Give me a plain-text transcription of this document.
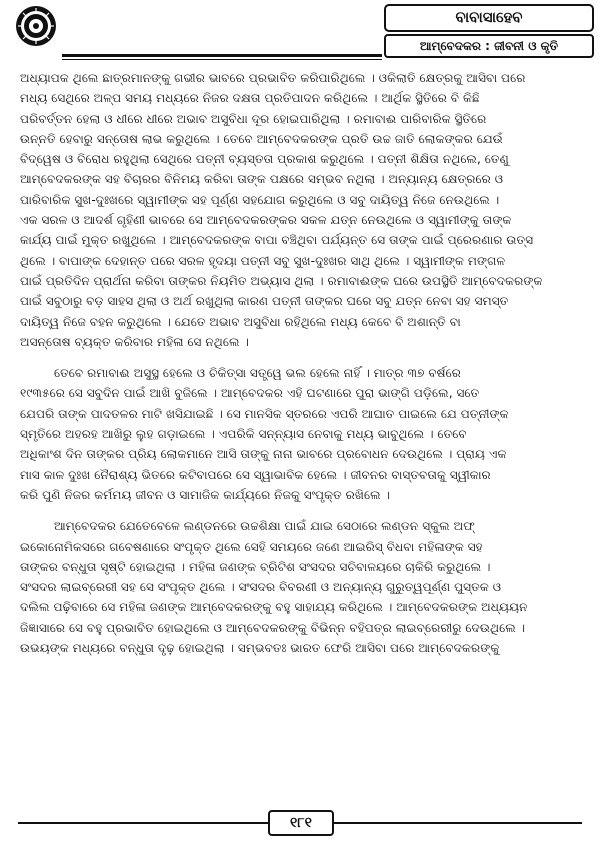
ବାବାସାହେବ
ଆମ୍ବେଦକର : ଜୀବନୀ ଓ କୃତି

ଅଧ୍ୟାପକ ଥିଲେ ଛାତ୍ରମାନଙ୍କୁ ଗଭୀର ଭାବରେ ପ୍ରଭାବିତ କରିପାରିଥିଲେ । ଓକିଲାତି କ୍ଷେତ୍ରକୁ ଆସିବା ପରେ
ମଧ୍ୟ ସେଥିରେ ଅଳ୍ପ ସମୟ ମଧ୍ୟରେ ନିଜର ଦକ୍ଷତା ପ୍ରତିପାଦନ କରିଥିଲେ । ଆର୍ଥିକ ସ୍ଥିତିରେ ବି କିଛି
ପରିବର୍ତ୍ତନ ହେଲା ଓ ଧୀରେ ଧୀରେ ଅଭାବ ଅସୁବିଧା ଦୂର ହୋଇପାରିଥିଲା । ରମାବାଈ ପାରିବାରିକ ସ୍ଥିତିରେ
ଉନ୍ନତି ହେବାରୁ ସନ୍ତୋଷ ଲାଭ କରୁଥିଲେ । ତେବେ ଆମ୍ବେଦକରଙ୍କ ପ୍ରତି ଉଚ୍ଚ ଜାତି ଲୋକଙ୍କର ଯେଉଁ
ବିଦ୍ୱେଷ ଓ ବିରୋଧ ରହୁଥିଲା ସେଥିରେ ପତ୍ନୀ ବ୍ୟସ୍ତତା ପ୍ରକାଶ କରୁଥିଲେ । ପତ୍ନୀ ଶିକ୍ଷିତା ନଥିଲେ, ତେଣୁ
ଆମ୍ବେଦକରଙ୍କ ସହ ବିଚାରର ବିନିମୟ କରିବା ତାଙ୍କ ପକ୍ଷରେ ସମ୍ଭବ ନଥିଲା । ଅନ୍ୟାନ୍ୟ କ୍ଷେତ୍ରରେ ଓ
ପାରିବାରିକ ସୁଖ-ଦୁଃଖରେ ସ୍ୱାମୀଙ୍କ ସହ ପୂର୍ଣ୍ଣ ସହଯୋଗ କରୁଥିଲେ ଓ ସବୁ ଦାୟିତ୍ୱ ନିଜେ ନେଉଥିଲେ ।
ଏକ ସରଳ ଓ ଆଦର୍ଶ ଗୃହିଣୀ ଭାବରେ ସେ ଆମ୍ବେଦକରଙ୍କର ସକଳ ଯତ୍ନ ନେଉଥିଲେ ଓ ସ୍ୱାମୀଙ୍କୁ ତାଙ୍କ
କାର୍ଯ୍ୟ ପାଇଁ ମୁକ୍ତ ରଖୁଥିଲେ । ଆମ୍ବେଦକରଙ୍କ ବାପା ବଞ୍ଚିଥିବା ପର୍ଯ୍ୟନ୍ତ ସେ ତାଙ୍କ ପାଇଁ ପ୍ରେରଣାର ଉତ୍ସ
ଥିଲେ । ବାପାଙ୍କ ଦେହାନ୍ତ ପରେ ସରଳ ହୃଦୟା ପତ୍ନୀ ସବୁ ସୁଖ-ଦୁଃଖର ସାଥି ଥିଲେ । ସ୍ୱାମୀଙ୍କ ମଙ୍ଗଳ
ପାଇଁ ପ୍ରତିଦିନ ପ୍ରାର୍ଥନା କରିବା ତାଙ୍କର ନିୟମିତ ଅଭ୍ୟାସ ଥିଲା । ରମାବାଈଙ୍କ ଘରେ ଉପସ୍ଥିତି ଆମ୍ବେଦକରଙ୍କ
ପାଇଁ ସବୁଠାରୁ ବଡ଼ ସାହସ ଥିଲା ଓ ଅର୍ଥ ରଖୁଥିଲା କାରଣ ପତ୍ନୀ ତାଙ୍କର ଘରେ ସବୁ ଯତ୍ନ ନେବା ସହ ସମସ୍ତ
ଦାୟିତ୍ୱ ନିଜେ ବହନ କରୁଥିଲେ । ଯେତେ ଅଭାବ ଅସୁବିଧା ରହିଥିଲେ ମଧ୍ୟ କେବେ ବି ଅଶାନ୍ତି ବା
ଅସନ୍ତୋଷ ବ୍ୟକ୍ତ କରିବାର ମହିଳା ସେ ନଥିଲେ ।

ତେବେ ରମାବାଈ ଅସୁସ୍ଥ ହେଲେ ଓ ଚିକିତ୍ସା ସତ୍ତ୍ୱେ ଭଲ ହେଲେ ନାହିଁ । ମାତ୍ର ୩୭ ବର୍ଷରେ
୧୯୩୫ରେ ସେ ସବୁଦିନ ପାଇଁ ଆଖି ବୁଜିଲେ । ଆମ୍ବେଦକର ଏହି ଘଟଣାରେ ପୁରା ଭାଙ୍ଗି ପଡ଼ିଲେ, ସତେ
ଯେପରି ତାଙ୍କ ପାଦତଳର ମାଟି ଖସିଯାଇଛି । ସେ ମାନସିକ ସ୍ତରରେ ଏପରି ଆଘାତ ପାଇଲେ ଯେ ପତ୍ନୀଙ୍କ
ସ୍ମୃତିରେ ଅହରହ ଆଖିରୁ ଲୁହ ଗଡ଼ାଇଲେ । ଏପରିକି ସନ୍ନ୍ୟାସ ନେବାକୁ ମଧ୍ୟ ଭାବୁଥିଲେ । ତେବେ
ଅଧିକାଂଶ ଦିନ ତାଙ୍କର ପ୍ରିୟ ଲୋକମାନେ ଆସି ତାଙ୍କୁ ନାନା ଭାବରେ ପ୍ରବୋଧନ ଦେଉଥିଲେ । ପ୍ରାୟ ଏକ
ମାସ କାଳ ଦୁଃଖ ନୈରାଶ୍ୟ ଭିତରେ କଟିବାପରେ ସେ ସ୍ୱାଭାବିକ ହେଲେ । ଜୀବନର ବାସ୍ତବତାକୁ ସ୍ୱୀକାର
କରି ପୁଣି ନିଜର କର୍ମମୟ ଜୀବନ ଓ ସାମାଜିକ କାର୍ଯ୍ୟରେ ନିଜକୁ ସଂପୃକ୍ତ ରଖିଲେ ।

ଆମ୍ବେଦକର ଯେତେବେଳେ ଲଣ୍ଡନରେ ଉଚ୍ଚଶିକ୍ଷା ପାଇଁ ଯାଇ ସେଠାରେ ଲଣ୍ଡନ ସ୍କୁଲ ଅଫ୍
ଇକୋନୋମିକସରେ ଗବେଷଣାରେ ସଂପୃକ୍ତ ଥିଲେ ସେହି ସମୟରେ ଜଣେ ଆଇରିସ୍ ବିଧବା ମହିଳାଙ୍କ ସହ
ତାଙ୍କର ବନ୍ଧୁତା ସୃଷ୍ଟି ହୋଇଥିଲା । ମହିଳା ଜଣଙ୍କ ବ୍ରିଟିଶ ସଂସଦର ସଚିବାଳୟରେ ଚାକିରି କରୁଥିଲେ ।
ସଂସଦର ଲାଇବ୍ରେରୀ ସହ ସେ ସଂପୃକ୍ତ ଥିଲେ । ସଂସଦର ବିବରଣୀ ଓ ଅନ୍ୟାନ୍ୟ ଗୁରୁତ୍ୱପୂର୍ଣ୍ଣ ପୁସ୍ତକ ଓ
ଦଲିଲ ପଢ଼ିବାରେ ସେ ମହିଳା ଜଣଙ୍କ ଆମ୍ବେଦକରଙ୍କୁ ବହୁ ସାହାଯ୍ୟ କରିଥିଲେ । ଆମ୍ବେଦକରଙ୍କ ଅଧ୍ୟୟନ
ଜିଜ୍ଞାସାରେ ସେ ବହୁ ପ୍ରଭାବିତ ହୋଇଥିଲେ ଓ ଆମ୍ବେଦକରଙ୍କୁ ବିଭିନ୍ନ ବହିପତ୍ର ଲାଇବ୍ରେରୀରୁ ଦେଉଥିଲେ ।
ଉଭୟଙ୍କ ମଧ୍ୟରେ ବନ୍ଧୁତା ଦୃଢ଼ ହୋଇଥିଲା । ସମ୍ଭବତଃ ଭାରତ ଫେରି ଆସିବା ପରେ ଆମ୍ବେଦକରଙ୍କୁ

୧୮୧
